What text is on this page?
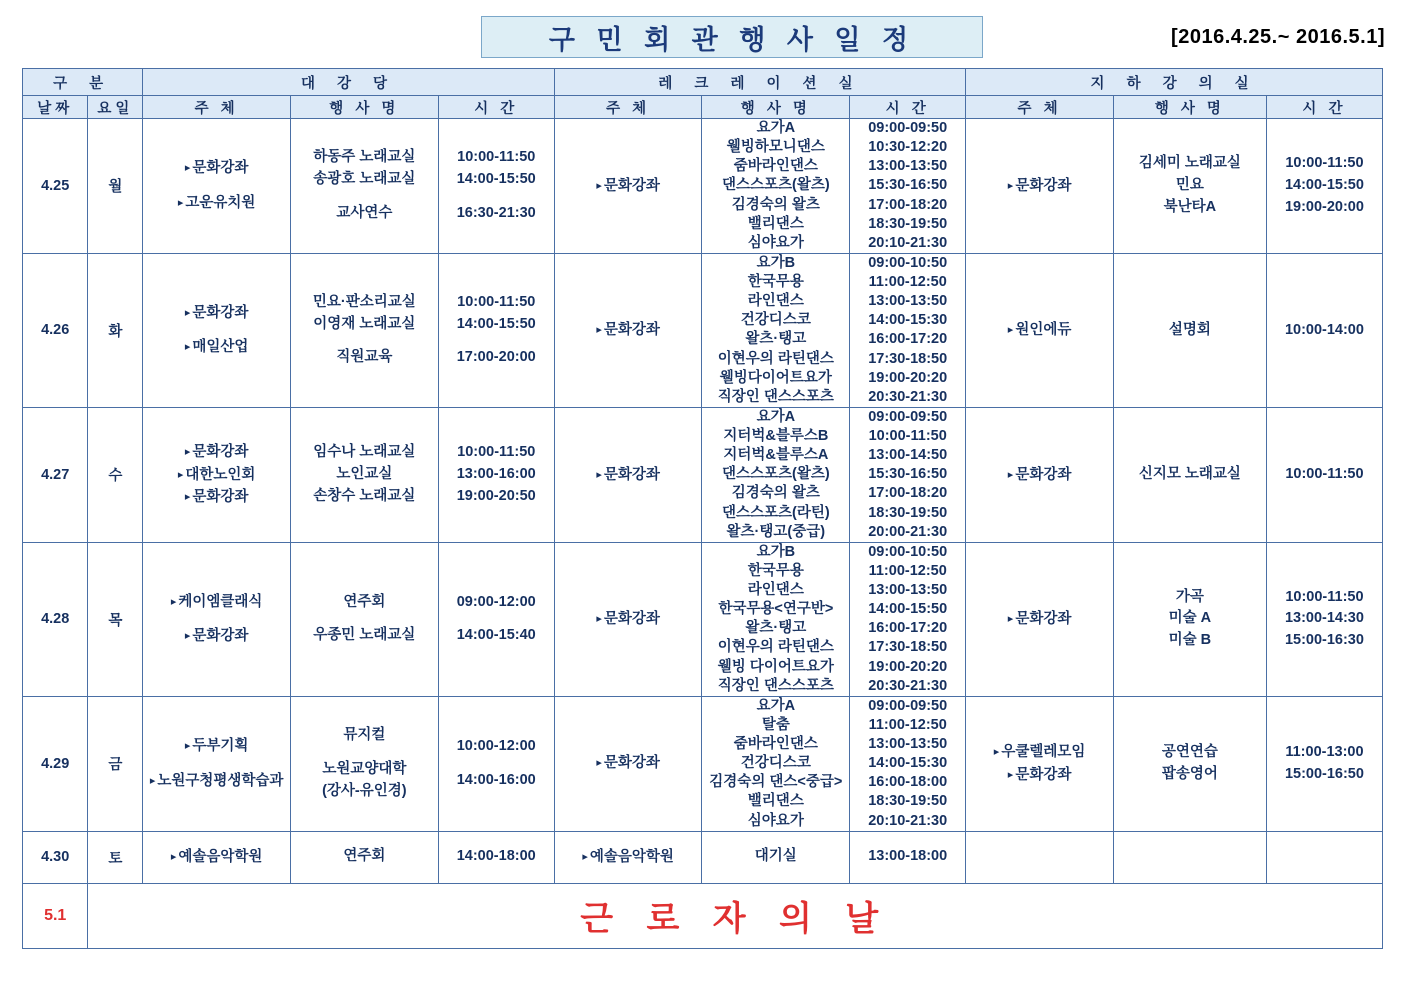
구 민 회 관 행 사 일 정	[2016.4.25.~ 2016.5.1]
구 분		대 강 당			레 크 레 이 션 실			지 하 강 의 실		
날짜	요일	주 체	행 사 명	시 간	주 체	행 사 명	시 간	주 체	행 사 명	시 간
4.25	월	▸ 문화강좌

▸ 고운유치원
	하동주 노래교실
송광호 노래교실

교사연수	10:00-11:50
14:00-15:50

16:30-21:30	▸ 문화강좌
	요가A
웰빙하모니댄스
줌바라인댄스
댄스스포츠(왈츠)
김경숙의 왈츠
밸리댄스
심야요가	09:00-09:50
10:30-12:20
13:00-13:50
15:30-16:50
17:00-18:20
18:30-19:50
20:10-21:30	▸ 문화강좌
	김세미 노래교실
민요
북난타A	10:00-11:50
14:00-15:50
19:00-20:00
4.26	화	▸ 문화강좌

▸ 매일산업
	민요·판소리교실
이영재 노래교실

직원교육	10:00-11:50
14:00-15:50

17:00-20:00	▸ 문화강좌
	요가B
한국무용
라인댄스
건강디스코
왈츠·탱고
이현우의 라틴댄스
웰빙다이어트요가
직장인 댄스스포츠	09:00-10:50
11:00-12:50
13:00-13:50
14:00-15:30
16:00-17:20
17:30-18:50
19:00-20:20
20:30-21:30	▸ 원인에듀	설명회	10:00-14:00
4.27	수	▸ 문화강좌
▸ 대한노인회
▸ 문화강좌
	임수나 노래교실
노인교실
손창수 노래교실	10:00-11:50
13:00-16:00
19:00-20:50	▸ 문화강좌
	요가A
지터벅&블루스B
지터벅&블루스A
댄스스포츠(왈츠)
김경숙의 왈츠
댄스스포츠(라틴)
왈츠·탱고(중급)	09:00-09:50
10:00-11:50
13:00-14:50
15:30-16:50
17:00-18:20
18:30-19:50
20:00-21:30	▸ 문화강좌	신지모 노래교실	10:00-11:50
4.28	목	▸ 케이엠클래식

▸ 문화강좌
	연주회

우종민 노래교실	09:00-12:00

14:00-15:40	▸ 문화강좌
	요가B
한국무용
라인댄스
한국무용<연구반>
왈츠·탱고
이현우의 라틴댄스
웰빙 다이어트요가
직장인 댄스스포츠	09:00-10:50
11:00-12:50
13:00-13:50
14:00-15:50
16:00-17:20
17:30-18:50
19:00-20:20
20:30-21:30	▸ 문화강좌
	가곡
미술 A
미술 B	10:00-11:50
13:00-14:30
15:00-16:30
4.29	금	▸ 두부기획

▸ 노원구청평생학습과
	뮤지컬

노원교양대학
(강사-유인경)	10:00-12:00

14:00-16:00	▸ 문화강좌
	요가A
탈춤
줌바라인댄스
건강디스코
김경숙의 댄스<중급>
밸리댄스
심야요가	09:00-09:50
11:00-12:50
13:00-13:50
14:00-15:30
16:00-18:00
18:30-19:50
20:10-21:30	▸ 우쿨렐레모임
▸ 문화강좌
	공연연습
팝송영어	11:00-13:00
15:00-16:50
4.30	토	▸ 예솔음악학원	연주회	14:00-18:00	▸ 예솔음악학원	대기실	13:00-18:00			
5.1	근 로 자 의 날									
